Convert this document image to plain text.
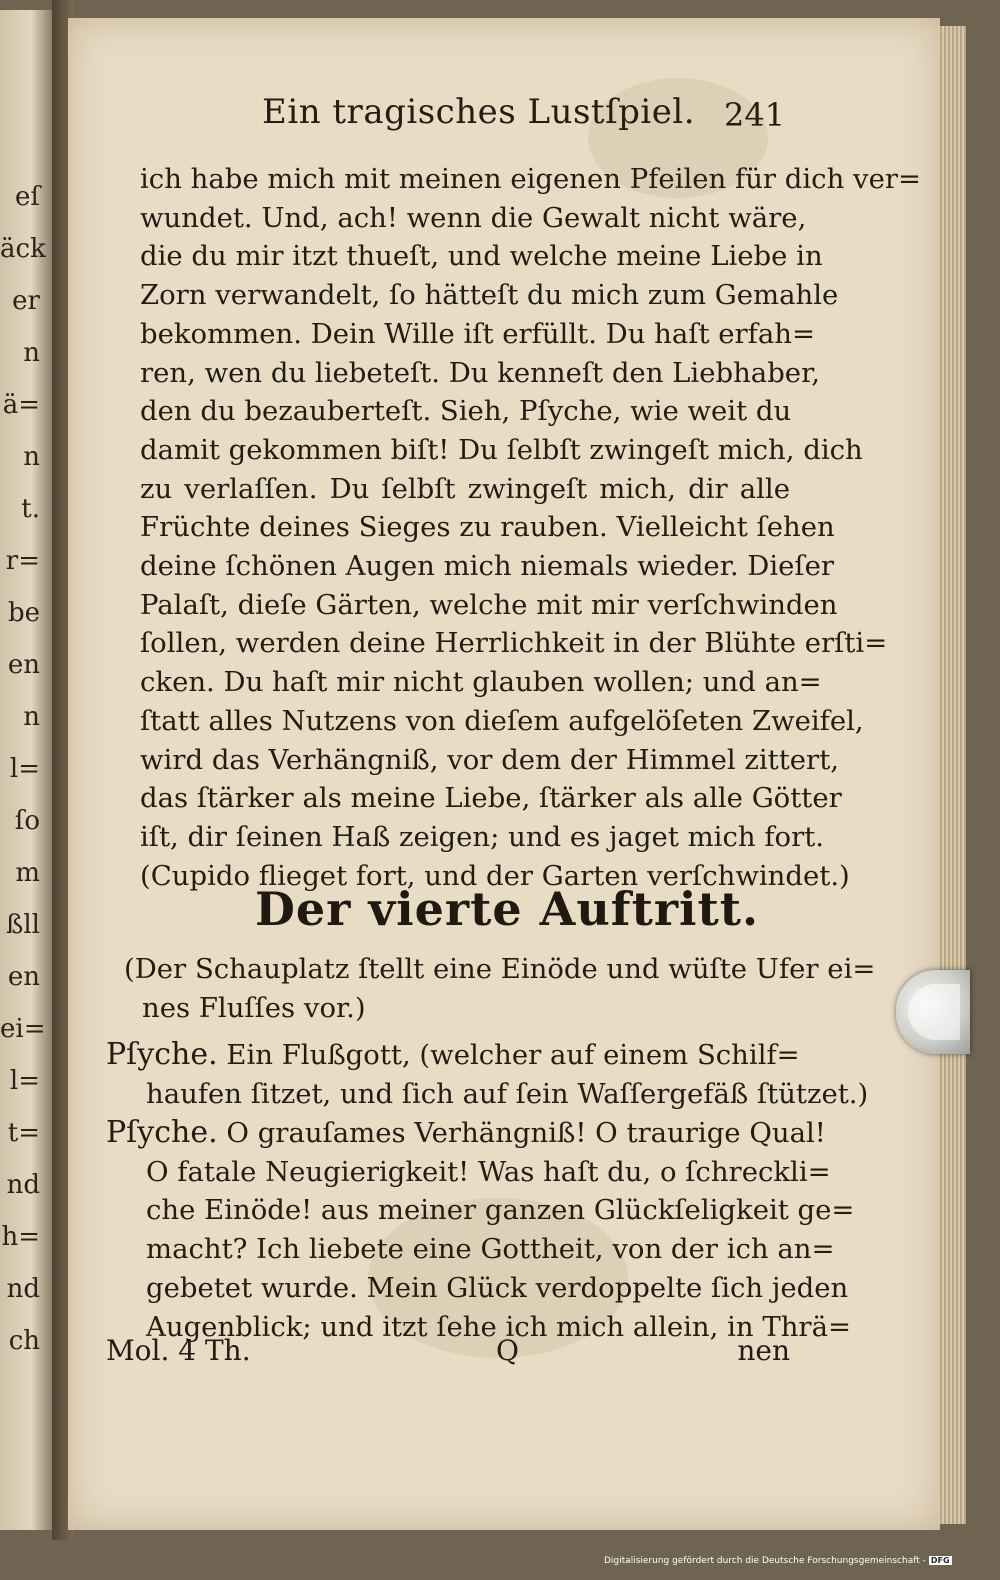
eſ
äck
er
n
ä=
n
t.
r=
be
en
n
l=
ſo
m
ßll
en
ei=
l=
t=
nd
h=
nd
ch
Ein tragisches Lustſpiel. 241
ich habe mich mit meinen eigenen Pfeilen für dich ver=
wundet. Und, ach! wenn die Gewalt nicht wäre,
die du mir itzt thueſt, und welche meine Liebe in
Zorn verwandelt, ſo hätteſt du mich zum Gemahle
bekommen. Dein Wille iſt erfüllt. Du haſt erfah=
ren, wen du liebeteſt. Du kenneſt den Liebhaber,
den du bezauberteſt. Sieh, Pſyche, wie weit du
damit gekommen biſt! Du ſelbſt zwingeſt mich, dich
zu verlaſſen. Du ſelbſt zwingeſt mich, dir alle
Früchte deines Sieges zu rauben. Vielleicht ſehen
deine ſchönen Augen mich niemals wieder. Dieſer
Palaſt, dieſe Gärten, welche mit mir verſchwinden
ſollen, werden deine Herrlichkeit in der Blühte erſti=
cken. Du haſt mir nicht glauben wollen; und an=
ſtatt alles Nutzens von dieſem aufgelöſeten Zweifel,
wird das Verhängniß, vor dem der Himmel zittert,
das ſtärker als meine Liebe, ſtärker als alle Götter
iſt, dir ſeinen Haß zeigen; und es jaget mich fort.
(Cupido flieget fort, und der Garten verſchwindet.)
Der vierte Auftritt.
(Der Schauplatz ſtellt eine Einöde und wüſte Ufer ei=
nes Fluſſes vor.)
Pſyche. Ein Flußgott, (welcher auf einem Schilf=
haufen ſitzet, und ſich auf ſein Waſſergefäß ſtützet.)
Pſyche. O grauſames Verhängniß! O traurige Qual!
O fatale Neugierigkeit! Was haſt du, o ſchreckli=
che Einöde! aus meiner ganzen Glückſeligkeit ge=
macht? Ich liebete eine Gottheit, von der ich an=
gebetet wurde. Mein Glück verdoppelte ſich jeden
Augenblick; und itzt ſehe ich mich allein, in Thrä=
Mol. 4 Th.	Q	nen
Digitalisierung gefördert durch die Deutsche Forschungsgemeinschaft - DFG
